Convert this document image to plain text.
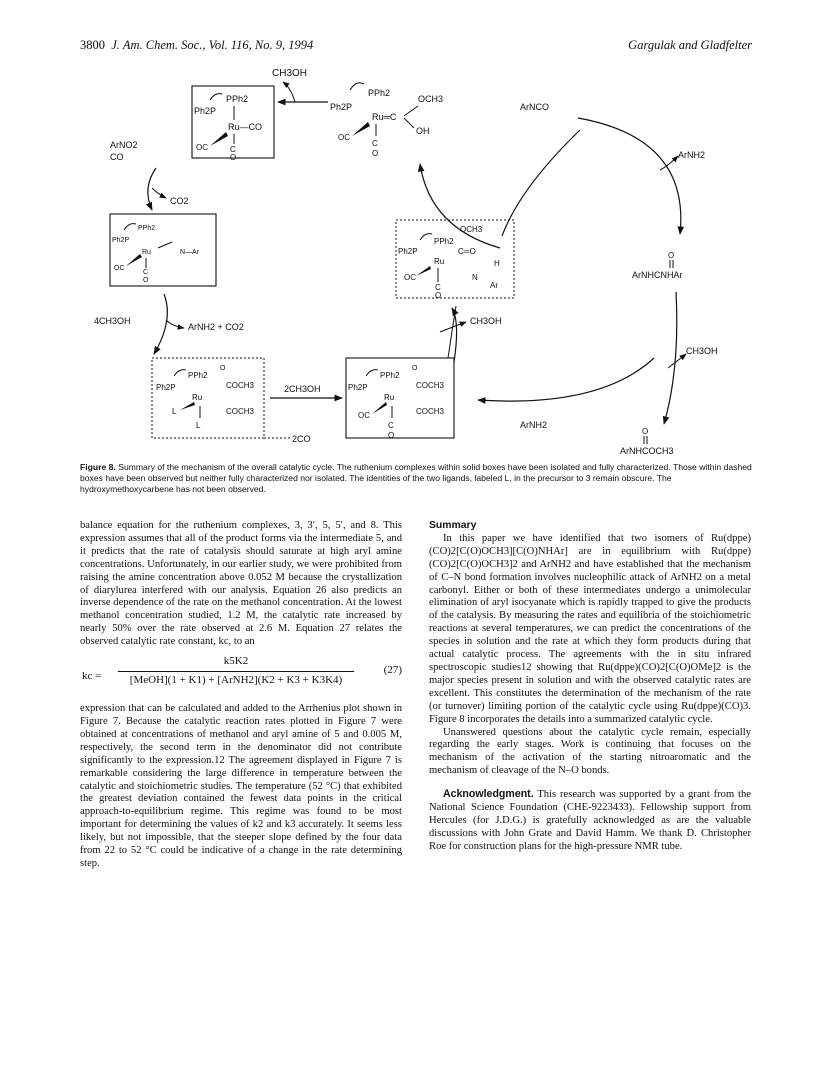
3800 J. Am. Chem. Soc., Vol. 116, No. 9, 1994	Gargulak and Gladfelter
CH3OH
PPh2
Ph2P
Ru—CO
OC	C
O
PPh2
Ph2P
Ru═C
OCH3
OH
OC
C
O
ArNCO
ArNH2
O
ArNHCNHAr
ArNO2
CO
CO2
PPh2
Ph2P
Ru	N—Ar
OC
C
O
4CH3OH
ArNH2 + CO2
PPh2
O
Ph2P	COCH3
Ru
L	COCH3
L
2CH3OH
2CO
PPh2
O
Ph2P	COCH3
Ru
OC	COCH3
C
O
CH3OH
OCH3
PPh2
Ph2P	C═O
H
Ru
OC	N
Ar
C
O
CH3OH
ArNH2
O
ArNHCOCH3
Figure 8. Summary of the mechanism of the overall catalytic cycle. The ruthenium complexes within solid boxes have been isolated and fully characterized. Those within dashed boxes have been observed but neither fully characterized nor isolated. The identities of the two ligands, labeled L, in the precursor to 3 remain obscure. The hydroxymethoxycarbene has not been observed.

balance equation for the ruthenium complexes, 3, 3′, 5, 5′, and 8. This expression assumes that all of the product forms via the intermediate 5, and it predicts that the rate of catalysis should saturate at high aryl amine concentrations. Unfortunately, in our earlier study, we were prohibited from raising the amine concentration above 0.052 M because the crystallization of diarylurea interfered with our analysis. Equation 26 also predicts an inverse dependence of the rate on the methanol concentration. At the lowest methanol concentration studied, 1.2 M, the catalytic rate increased by nearly 50% over the rate observed at 2.6 M. Equation 27 relates the observed catalytic rate constant, kc, to an

kc =
k5K2
[MeOH](1 + K1) + [ArNH2](K2 + K3 + K3K4)
(27)

expression that can be calculated and added to the Arrhenius plot shown in Figure 7. Because the catalytic reaction rates plotted in Figure 7 were obtained at concentrations of methanol and aryl amine of 5 and 0.005 M, respectively, the second term in the denominator did not contribute significantly to the expression.12 The agreement displayed in Figure 7 is remarkable considering the large difference in temperature between the catalytic and stoichiometric studies. The temperature (52 °C) that exhibited the greatest deviation contained the fewest data points in the critical approach-to-equilibrium regime. This regime was found to be most important for determining the values of k2 and k3 accurately. It seems less likely, but not impossible, that the steeper slope defined by the four data from 22 to 52 °C could be indicative of a change in the rate determining step.

Summary

In this paper we have identified that two isomers of Ru(dppe)(CO)2[C(O)OCH3][C(O)NHAr] are in equilibrium with Ru(dppe)(CO)2[C(O)OCH3]2 and ArNH2 and have established that the mechanism of C–N bond formation involves nucleophilic attack of ArNH2 on a metal carbonyl. Either or both of these intermediates undergo a unimolecular elimination of aryl isocyanate which is rapidly trapped to give the products of the catalysis. By measuring the rates and equilibria of the stoichiometric reactions at several temperatures, we can predict the concentrations of the species in solution and the rate at which they form products during that actual catalytic process. The agreements with the in situ infrared spectroscopic studies12 showing that Ru(dppe)(CO)2[C(O)OMe]2 is the major species present in solution and with the observed catalytic rates are excellent. This constitutes the determination of the mechanism of the rate (or turnover) limiting portion of the catalytic cycle using Ru(dppe)(CO)3. Figure 8 incorporates the details into a summarized catalytic cycle.

Unanswered questions about the catalytic cycle remain, especially regarding the early stages. Work is continuing that focuses on the mechanism of the activation of the starting nitroaromatic and the mechanism of cleavage of the N–O bonds.

Acknowledgment. This research was supported by a grant from the National Science Foundation (CHE-9223433). Fellowship support from Hercules (for J.D.G.) is gratefully acknowledged as are the valuable discussions with John Grate and David Hamm. We thank D. Christopher Roe for construction plans for the high-pressure NMR tube.
